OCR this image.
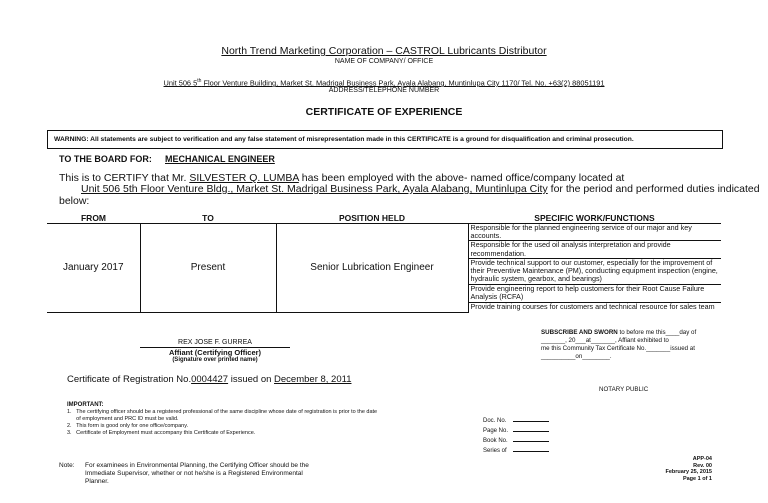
North Trend Marketing Corporation – CASTROL Lubricants Distributor
NAME OF COMPANY/ OFFICE
Unit 506 5th Floor Venture Building, Market St. Madrigal Business Park, Ayala Alabang, Muntinlupa City 1170/ Tel. No. +63(2) 88051191
ADDRESS/TELEPHONE NUMBER
CERTIFICATE OF EXPERIENCE
WARNING: All statements are subject to verification and any false statement of misrepresentation made in this CERTIFICATE is a ground for disqualification and criminal prosecution.
TO THE BOARD FOR: MECHANICAL ENGINEER
This is to CERTIFY that Mr. SILVESTER Q. LUMBA has been employed with the above- named office/company located at
Unit 506 5th Floor Venture Bldg., Market St. Madrigal Business Park, Ayala Alabang, Muntinlupa City for the period and performed duties indicated
below:
FROM	TO	POSITION HELD	SPECIFIC WORK/FUNCTIONS
January 2017	Present	Senior Lubrication Engineer	Responsible for the planned engineering service of our major and key accounts.
			Responsible for the used oil analysis interpretation and provide recommendation.
			Provide technical support to our customer, especially for the improvement of their Preventive Maintenance (PM), conducting equipment inspection (engine, hydraulic system, gearbox, and bearings)
			Provide engineering report to help customers for their Root Cause Failure Analysis (RCFA)
			Provide training courses for customers and technical resource for sales team
REX JOSE F. GURREA
Affiant (Certifying Officer)
(Signature over printed name)
Certificate of Registration No.0004427 issued on December 8, 2011
SUBSCRIBE AND SWORN to before me this____day of
_______, 20___at_______, Affiant exhibited to
me this Community Tax Certificate No._______issued at
__________on________.
NOTARY PUBLIC
IMPORTANT:
1.   The certifying officer should be a registered professional of the same discipline whose date of registration is prior to the date
of employment and PRC ID must be valid.
2.   This form is good only for one office/company.
3.   Certificate of Employment must accompany this Certificate of Experience.
Doc. No.
Page No.
Book No.
Series of
APP-04
Rev. 00
February 25, 2015
Page 1 of 1
Note: For examinees in Environmental Planning, the Certifying Officer should be the
Immediate Supervisor, whether or not he/she is a Registered Environmental
Planner.
